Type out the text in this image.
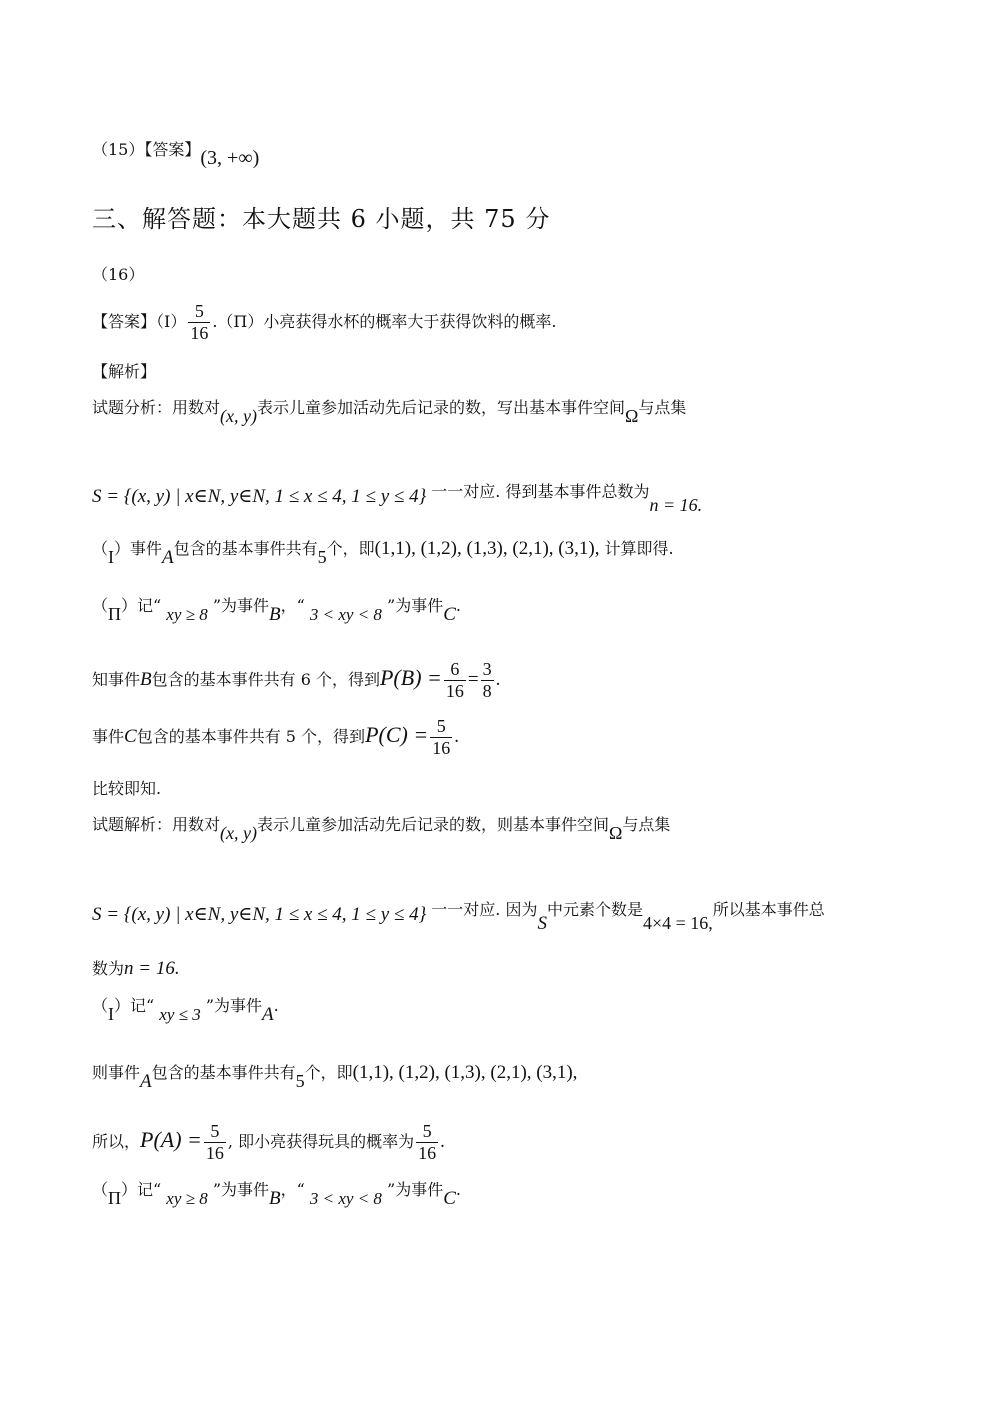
（15）【答案】(3, +∞)
三、解答题：本大题共 6 小题，共 75 分
（16）
【答案】（Ⅰ） $\frac{5}{16} .(\Pi)$小亮获得水杯的概率大于获得饮料的概率.
【解析】
试题分析：用数对(x, y)表示儿童参加活动先后记录的数，写出基本事件空间Ω与点集
S = {(x, y) | x∈N, y∈N, 1 ≤ x ≤ 4, 1 ≤ y ≤ 4} 一一对应. 得到基本事件总数为n = 16.
（I）事件A包含的基本事件共有5个，即(1,1), (1,2), (1,3), (2,1), (3,1), 计算即得.
（Π）记“ xy ≥ 8 ”为事件B，“ 3 < xy < 8 ”为事件C.
知事件B包含的基本事件共有 6 个，得到$P(B) = \frac{6}{16} = \frac{3}{8}$ .
事件C包含的基本事件共有 5 个，得到$P(C) = \frac{5}{16}$ .
比较即知.
试题解析：用数对(x, y)表示儿童参加活动先后记录的数，则基本事件空间Ω与点集
S = {(x, y) | x∈N, y∈N, 1 ≤ x ≤ 4, 1 ≤ y ≤ 4} 一一对应. 因为S中元素个数是4×4 = 16,所以基本事件总
数为n = 16.
（I）记“ xy ≤ 3 ”为事件A.
则事件A包含的基本事件共有5个，即(1,1), (1,2), (1,3), (2,1), (3,1),
所以，$P(A) = \frac{5}{16}$ , 即小亮获得玩具的概率为 $\frac{5}{16}$ .
（Π）记“ xy ≥ 8 ”为事件B，“ 3 < xy < 8 ”为事件C.
